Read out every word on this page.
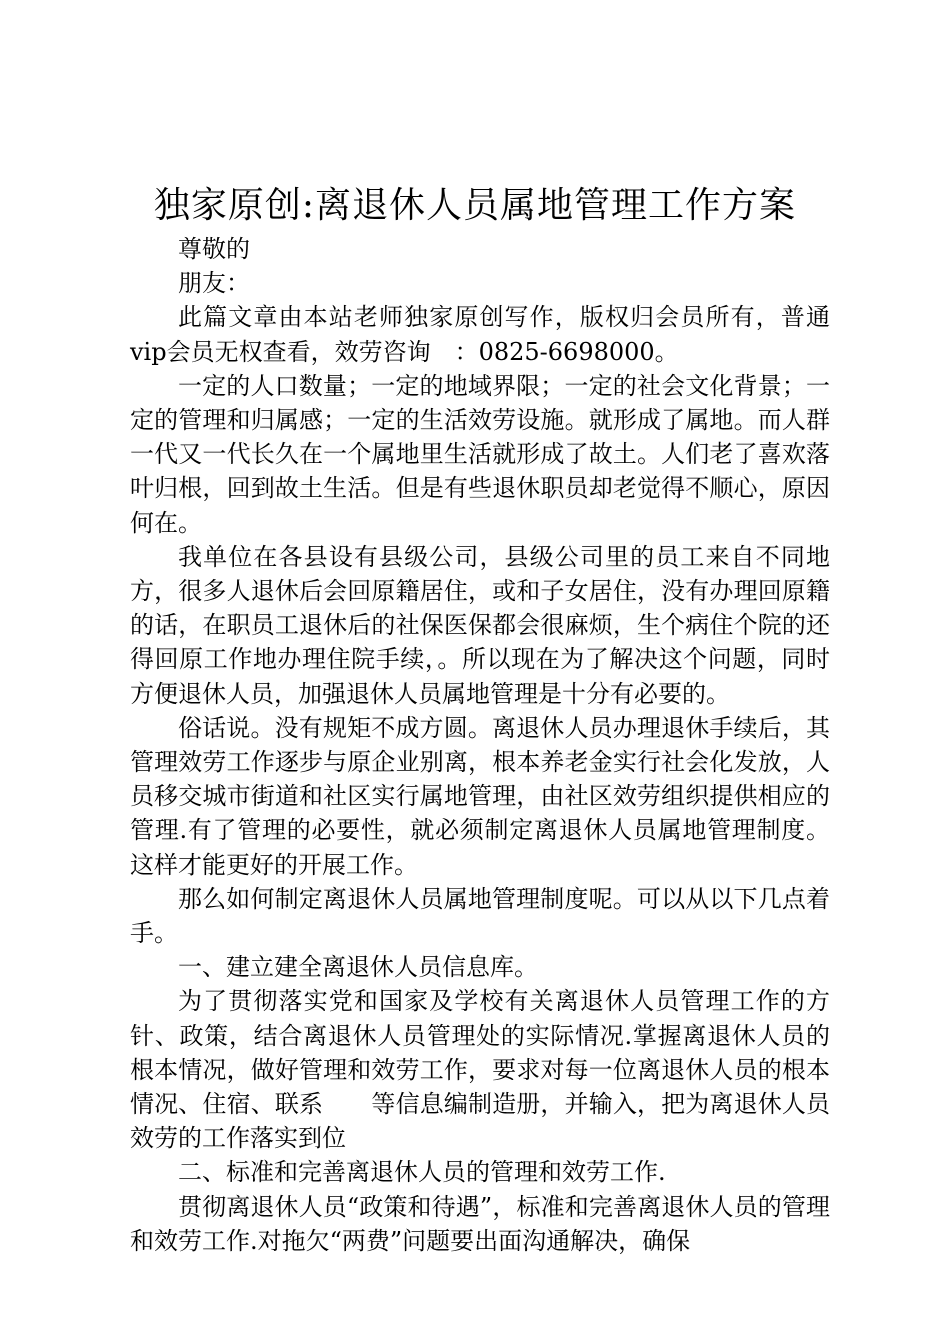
独家原创:离退休人员属地管理工作方案

尊敬的

朋友：

此篇文章由本站老师独家原创写作，版权归会员所有，普通vip会员无权查看，效劳咨询　：0825-6698000。

一定的人口数量；一定的地域界限；一定的社会文化背景；一定的管理和归属感；一定的生活效劳设施。就形成了属地。而人群一代又一代长久在一个属地里生活就形成了故土。人们老了喜欢落叶归根，回到故土生活。但是有些退休职员却老觉得不顺心，原因何在。

我单位在各县设有县级公司，县级公司里的员工来自不同地方，很多人退休后会回原籍居住，或和子女居住，没有办理回原籍的话，在职员工退休后的社保医保都会很麻烦，生个病住个院的还得回原工作地办理住院手续，。所以现在为了解决这个问题，同时方便退休人员，加强退休人员属地管理是十分有必要的。

俗话说。没有规矩不成方圆。离退休人员办理退休手续后，其管理效劳工作逐步与原企业别离，根本养老金实行社会化发放，人员移交城市街道和社区实行属地管理，由社区效劳组织提供相应的管理.有了管理的必要性，就必须制定离退休人员属地管理制度。这样才能更好的开展工作。

那么如何制定离退休人员属地管理制度呢。可以从以下几点着手。

一、建立建全离退休人员信息库。

为了贯彻落实党和国家及学校有关离退休人员管理工作的方针、政策，结合离退休人员管理处的实际情况.掌握离退休人员的根本情况，做好管理和效劳工作，要求对每一位离退休人员的根本情况、住宿、联系　　等信息编制造册，并输入，把为离退休人员效劳的工作落实到位

二、标准和完善离退休人员的管理和效劳工作.

贯彻离退休人员“政策和待遇”，标准和完善离退休人员的管理和效劳工作.对拖欠“两费”问题要出面沟通解决，确保
